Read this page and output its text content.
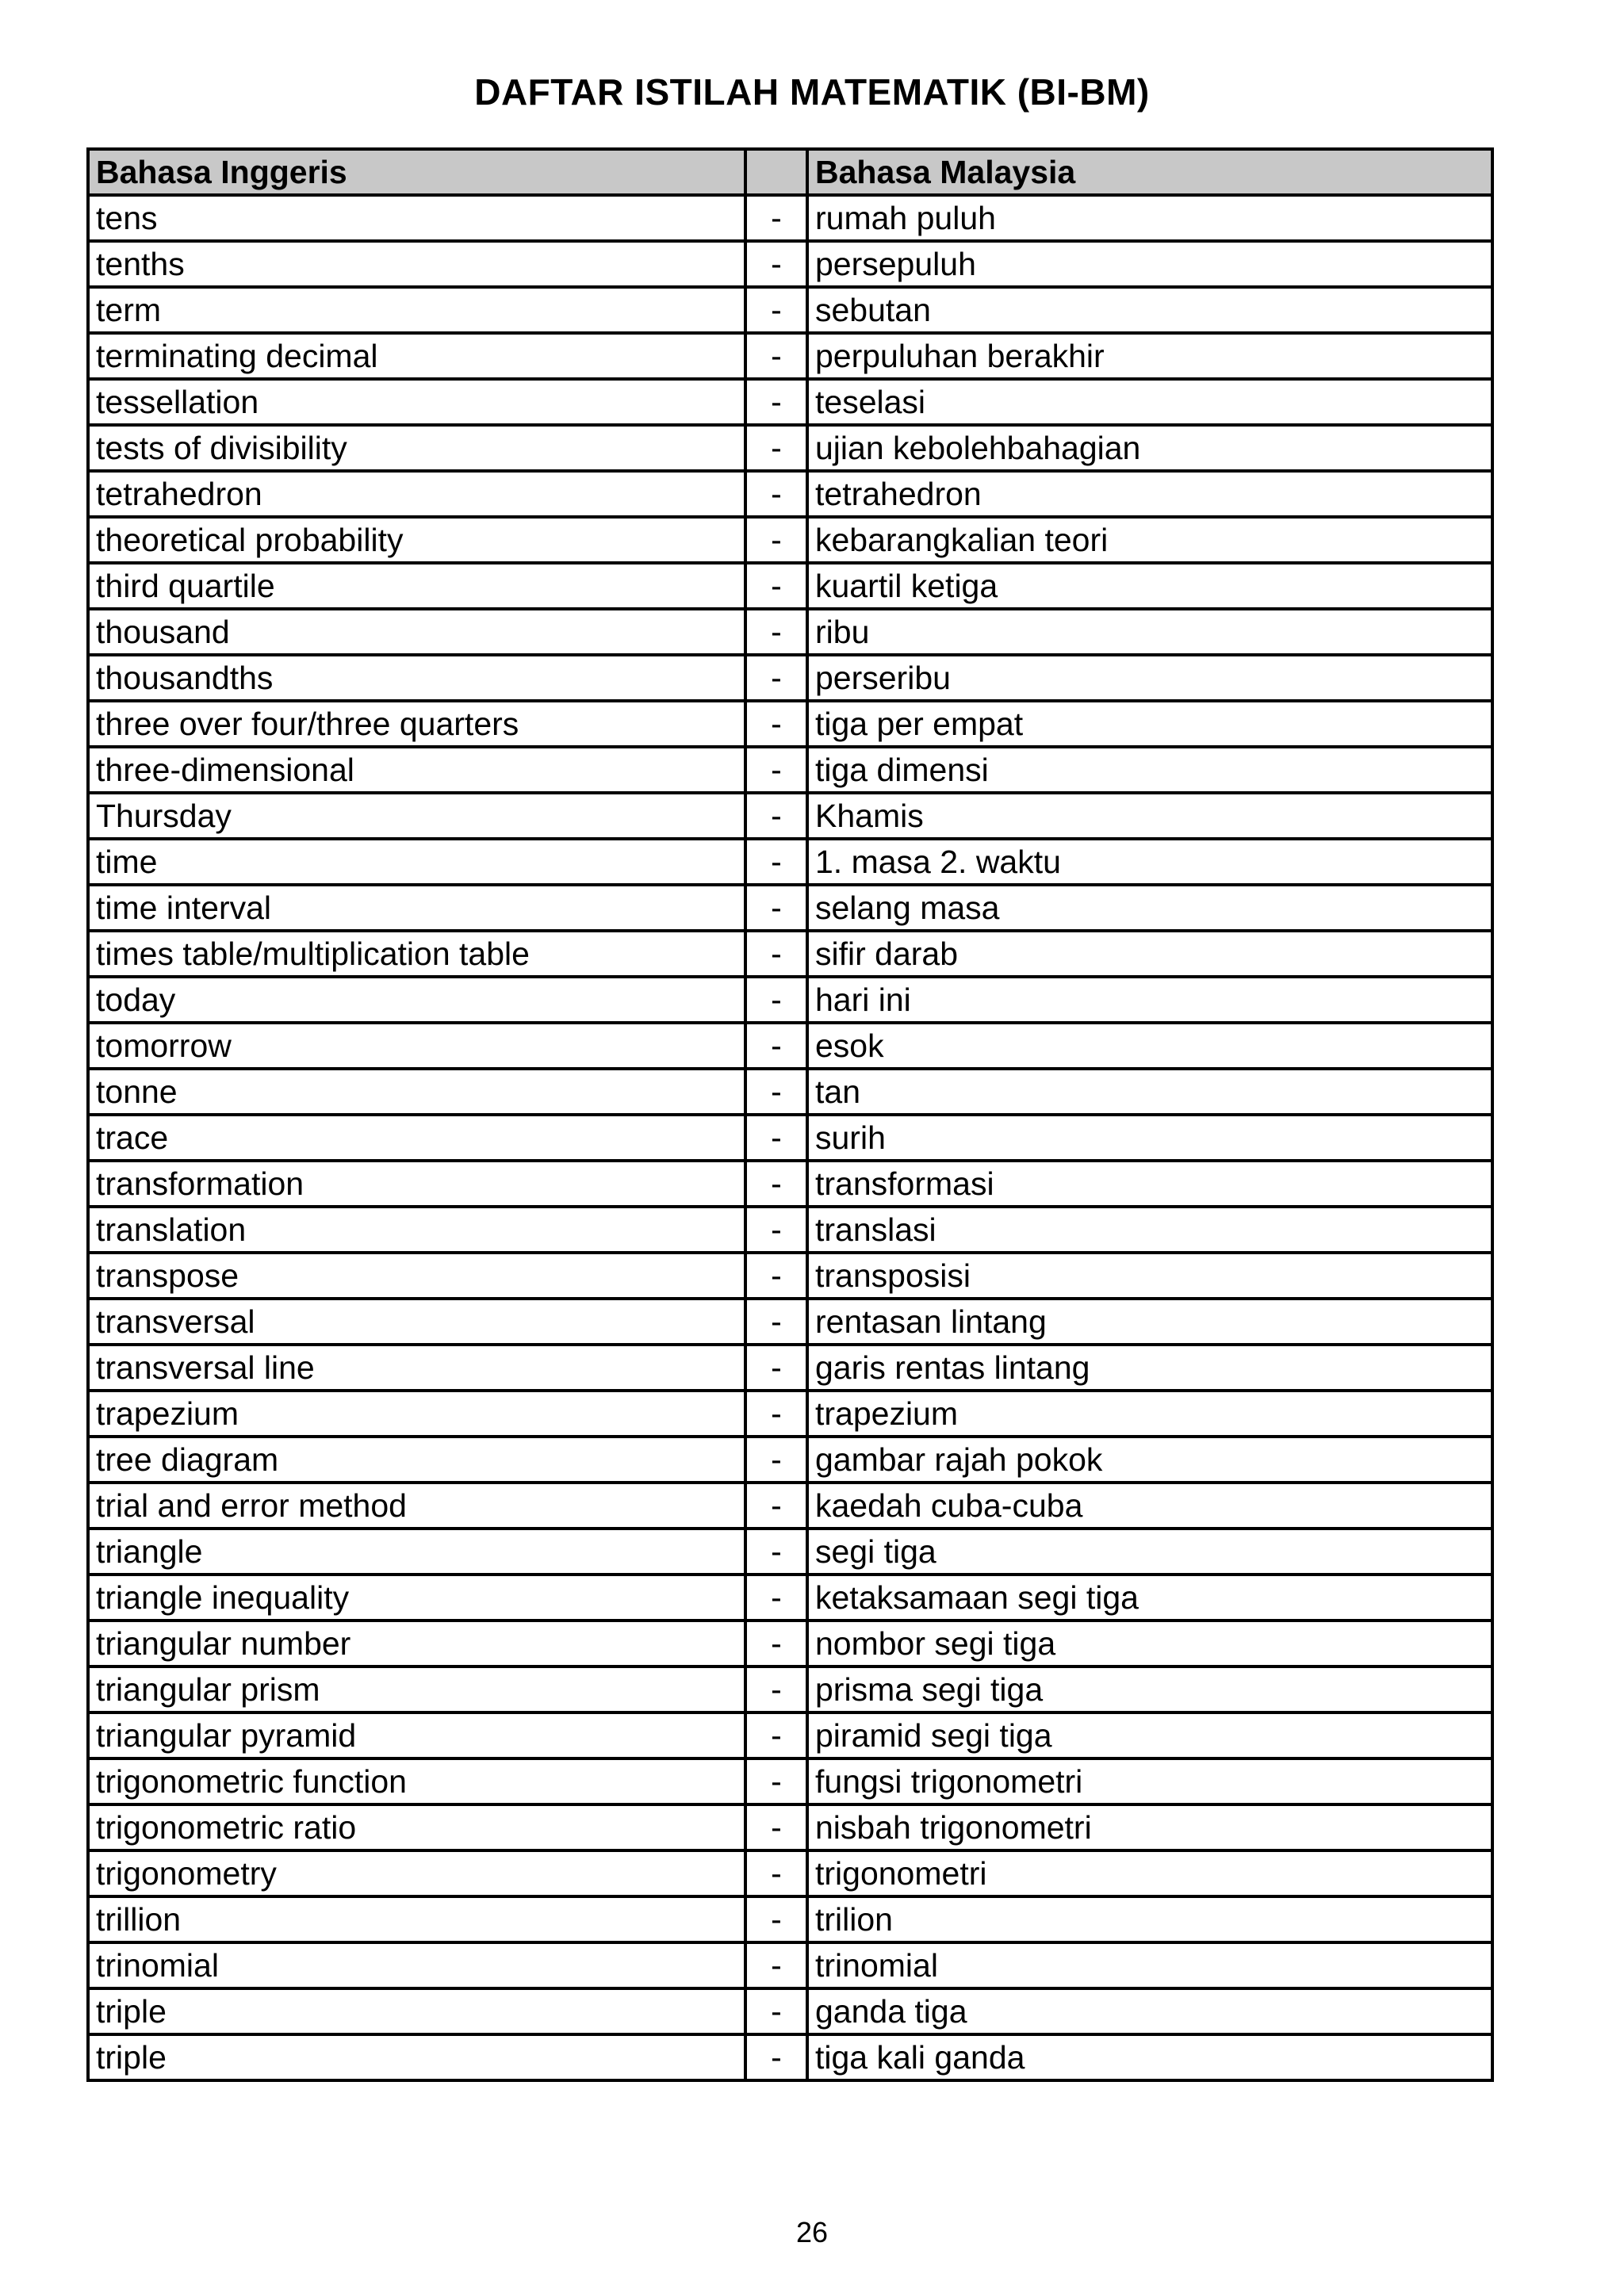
DAFTAR ISTILAH MATEMATIK (BI-BM)
Bahasa Inggeris		Bahasa Malaysia
tens	-	rumah puluh
tenths	-	persepuluh
term	-	sebutan
terminating decimal	-	perpuluhan berakhir
tessellation	-	teselasi
tests of divisibility	-	ujian kebolehbahagian
tetrahedron	-	tetrahedron
theoretical probability	-	kebarangkalian teori
third quartile	-	kuartil ketiga
thousand	-	ribu
thousandths	-	perseribu
three over four/three quarters	-	tiga per empat
three-dimensional	-	tiga dimensi
Thursday	-	Khamis
time	-	1. masa 2. waktu
time interval	-	selang masa
times table/multiplication table	-	sifir darab
today	-	hari ini
tomorrow	-	esok
tonne	-	tan
trace	-	surih
transformation	-	transformasi
translation	-	translasi
transpose	-	transposisi
transversal	-	rentasan lintang
transversal line	-	garis rentas lintang
trapezium	-	trapezium
tree diagram	-	gambar rajah pokok
trial and error method	-	kaedah cuba-cuba
triangle	-	segi tiga
triangle inequality	-	ketaksamaan segi tiga
triangular number	-	nombor segi tiga
triangular prism	-	prisma segi tiga
triangular pyramid	-	piramid segi tiga
trigonometric function	-	fungsi trigonometri
trigonometric ratio	-	nisbah trigonometri
trigonometry	-	trigonometri
trillion	-	trilion
trinomial	-	trinomial
triple	-	ganda tiga
triple	-	tiga kali ganda
26
